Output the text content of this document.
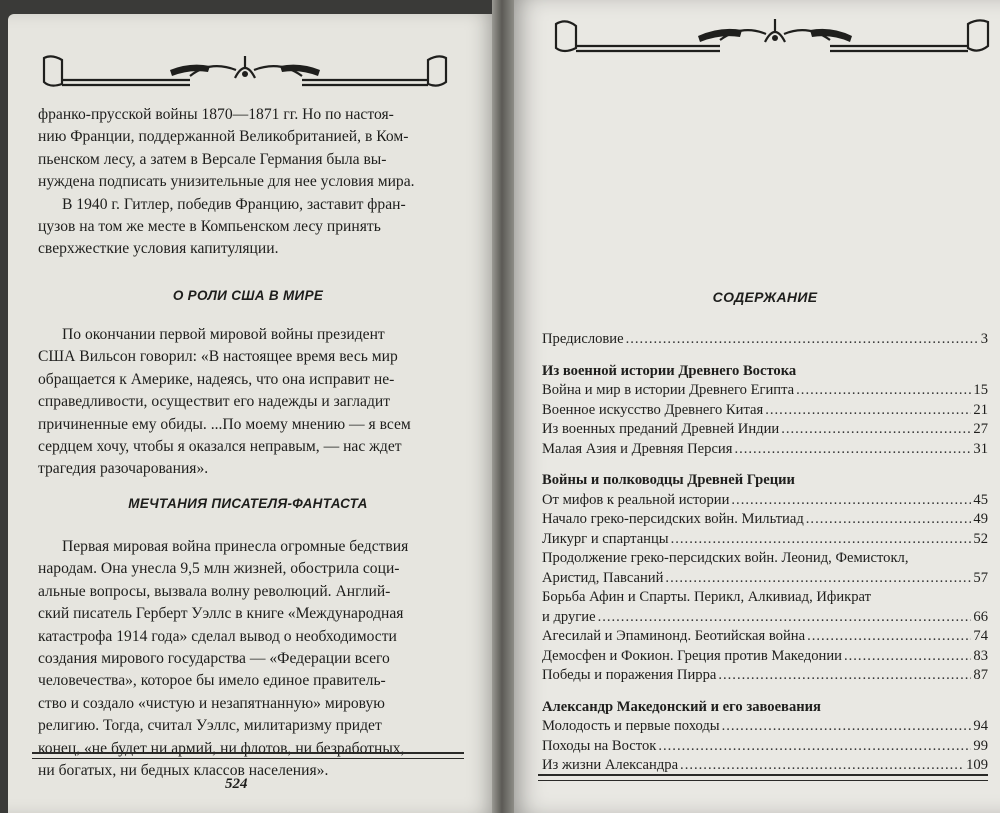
франко-прусской войны 1870—1871 гг. Но по настоя-

нию Франции, поддержанной Великобританией, в Ком-

пьенском лесу, а затем в Версале Германия была вы-

нуждена подписать унизительные для нее условия мира.

В 1940 г. Гитлер, победив Францию, заставит фран-

цузов на том же месте в Компьенском лесу принять

сверхжесткие условия капитуляции.

О РОЛИ США В МИРЕ

По окончании первой мировой войны президент

США Вильсон говорил: «В настоящее время весь мир

обращается к Америке, надеясь, что она исправит не-

справедливости, осуществит его надежды и загладит

причиненные ему обиды. ...По моему мнению — я всем

сердцем хочу, чтобы я оказался неправым, — нас ждет

трагедия разочарования».

МЕЧТАНИЯ ПИСАТЕЛЯ-ФАНТАСТА

Первая мировая война принесла огромные бедствия

народам. Она унесла 9,5 млн жизней, обострила соци-

альные вопросы, вызвала волну революций. Англий-

ский писатель Герберт Уэллс в книге «Международная

катастрофа 1914 года» сделал вывод о необходимости

создания мирового государства — «Федерации всего

человечества», которое бы имело единое правитель-

ство и создало «чистую и незапятнанную» мировую

религию. Тогда, считал Уэллс, милитаризму придет

конец, «не будет ни армий, ни флотов, ни безработных,

ни богатых, ни бедных классов населения».

524
СОДЕРЖАНИЕ
Предисловие .....	3
Из военной истории Древнего Востока
Война и мир в истории Древнего Египта .....	15
Военное искусство Древнего Китая .....	21
Из военных преданий Древней Индии .....	27
Малая Азия и Древняя Персия .....	31
Войны и полководцы Древней Греции
От мифов к реальной истории .....	45
Начало греко-персидских войн. Мильтиад .....	49
Ликург и спартанцы .....	52
Продолжение греко-персидских войн. Леонид, Фемистокл,
Аристид, Павсаний .....	57
Борьба Афин и Спарты. Перикл, Алкивиад, Ификрат
и другие .....	66
Агесилай и Эпаминонд. Беотийская война .....	74
Демосфен и Фокион. Греция против Македонии .....	83
Победы и поражения Пирра .....	87
Александр Македонский и его завоевания
Молодость и первые походы .....	94
Походы на Восток .....	99
Из жизни Александра .....	109
